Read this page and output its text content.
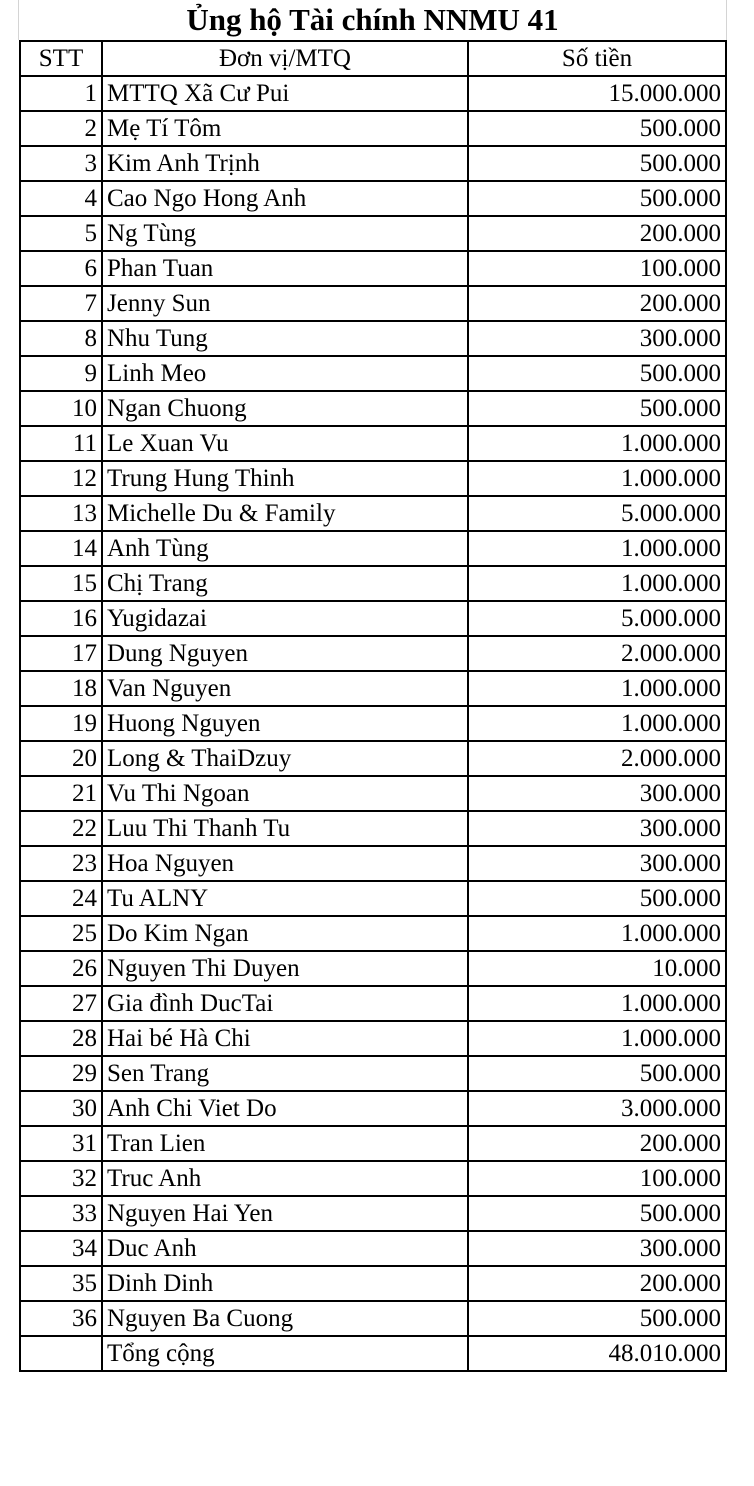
Ủng hộ Tài chính NNMU 41
STT	Đơn vị/MTQ	Số tiền
1	MTTQ Xã Cư Pui	15.000.000
2	Mẹ Tí Tôm	500.000
3	Kim Anh Trịnh	500.000
4	Cao Ngo Hong Anh	500.000
5	Ng Tùng	200.000
6	Phan Tuan	100.000
7	Jenny Sun	200.000
8	Nhu Tung	300.000
9	Linh Meo	500.000
10	Ngan Chuong	500.000
11	Le Xuan Vu	1.000.000
12	Trung Hung Thinh	1.000.000
13	Michelle Du & Family	5.000.000
14	Anh Tùng	1.000.000
15	Chị Trang	1.000.000
16	Yugidazai	5.000.000
17	Dung Nguyen	2.000.000
18	Van Nguyen	1.000.000
19	Huong Nguyen	1.000.000
20	Long & ThaiDzuy	2.000.000
21	Vu Thi Ngoan	300.000
22	Luu Thi Thanh Tu	300.000
23	Hoa Nguyen	300.000
24	Tu ALNY	500.000
25	Do Kim Ngan	1.000.000
26	Nguyen Thi Duyen	10.000
27	Gia đình DucTai	1.000.000
28	Hai bé Hà Chi	1.000.000
29	Sen Trang	500.000
30	Anh Chi Viet Do	3.000.000
31	Tran Lien	200.000
32	Truc Anh	100.000
33	Nguyen Hai Yen	500.000
34	Duc Anh	300.000
35	Dinh Dinh	200.000
36	Nguyen Ba Cuong	500.000
	Tổng cộng	48.010.000
